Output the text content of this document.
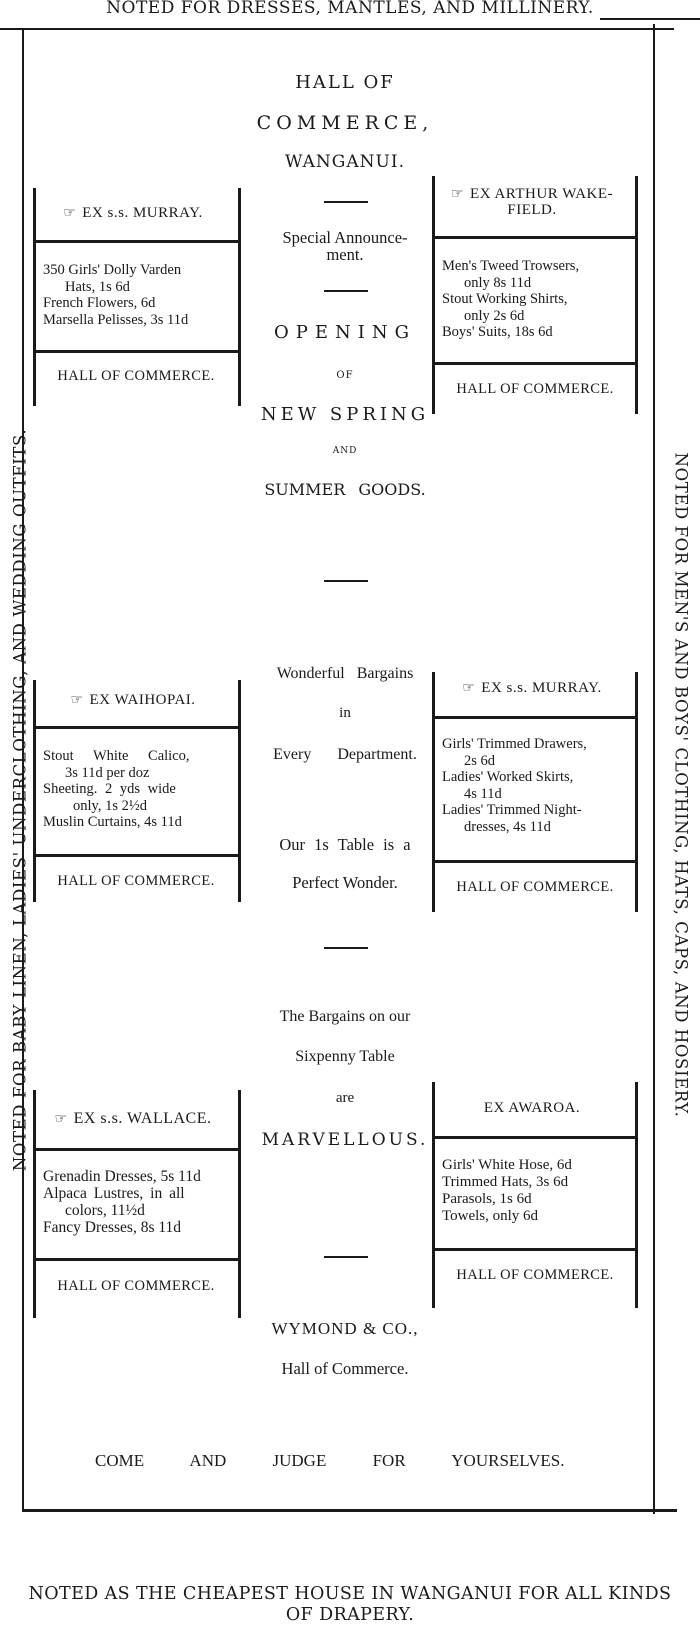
NOTED FOR DRESSES, MANTLES, AND MILLINERY.
NOTED FOR BABY LINEN, LADIES' UNDERCLOTHING, AND WEDDING OUTFITS.	NOTED FOR MEN'S AND BOYS' CLOTHING, HATS, CAPS, AND HOSIERY.
NOTED AS THE CHEAPEST HOUSE IN WANGANUI FOR ALL KINDS
OF DRAPERY.
HALL OF
COMMERCE,
WANGANUI.
Special Announce-
ment.
OPENING
OF
NEW SPRING
AND
SUMMER GOODS.
Wonderful Bargains
in
Every Department.
Our 1s Table is a
Perfect Wonder.
The Bargains on our
Sixpenny Table
are
MARVELLOUS.
WYMOND & CO.,
Hall of Commerce.
COME AND JUDGE FOR YOURSELVES.
☞ EX s.s. MURRAY.
350 Girls' Dolly Varden
Hats, 1s 6d
French Flowers, 6d
Marsella Pelisses, 3s 11d
HALL OF COMMERCE.
☞ EX ARTHUR WAKE-
FIELD.
Men's Tweed Trowsers,
only 8s 11d
Stout Working Shirts,
only 2s 6d
Boys' Suits, 18s 6d
HALL OF COMMERCE.
☞ EX WAIHOPAI.
Stout White Calico,
3s 11d per doz
Sheeting. 2 yds wide
only, 1s 2½d
Muslin Curtains, 4s 11d
HALL OF COMMERCE.
☞ EX s.s. MURRAY.
Girls' Trimmed Drawers,
2s 6d
Ladies' Worked Skirts,
4s 11d
Ladies' Trimmed Night-
dresses, 4s 11d
HALL OF COMMERCE.
☞ EX s.s. WALLACE.
Grenadin Dresses, 5s 11d
Alpaca Lustres, in all
colors, 11½d
Fancy Dresses, 8s 11d
HALL OF COMMERCE.
EX AWAROA.
Girls' White Hose, 6d
Trimmed Hats, 3s 6d
Parasols, 1s 6d
Towels, only 6d
HALL OF COMMERCE.
